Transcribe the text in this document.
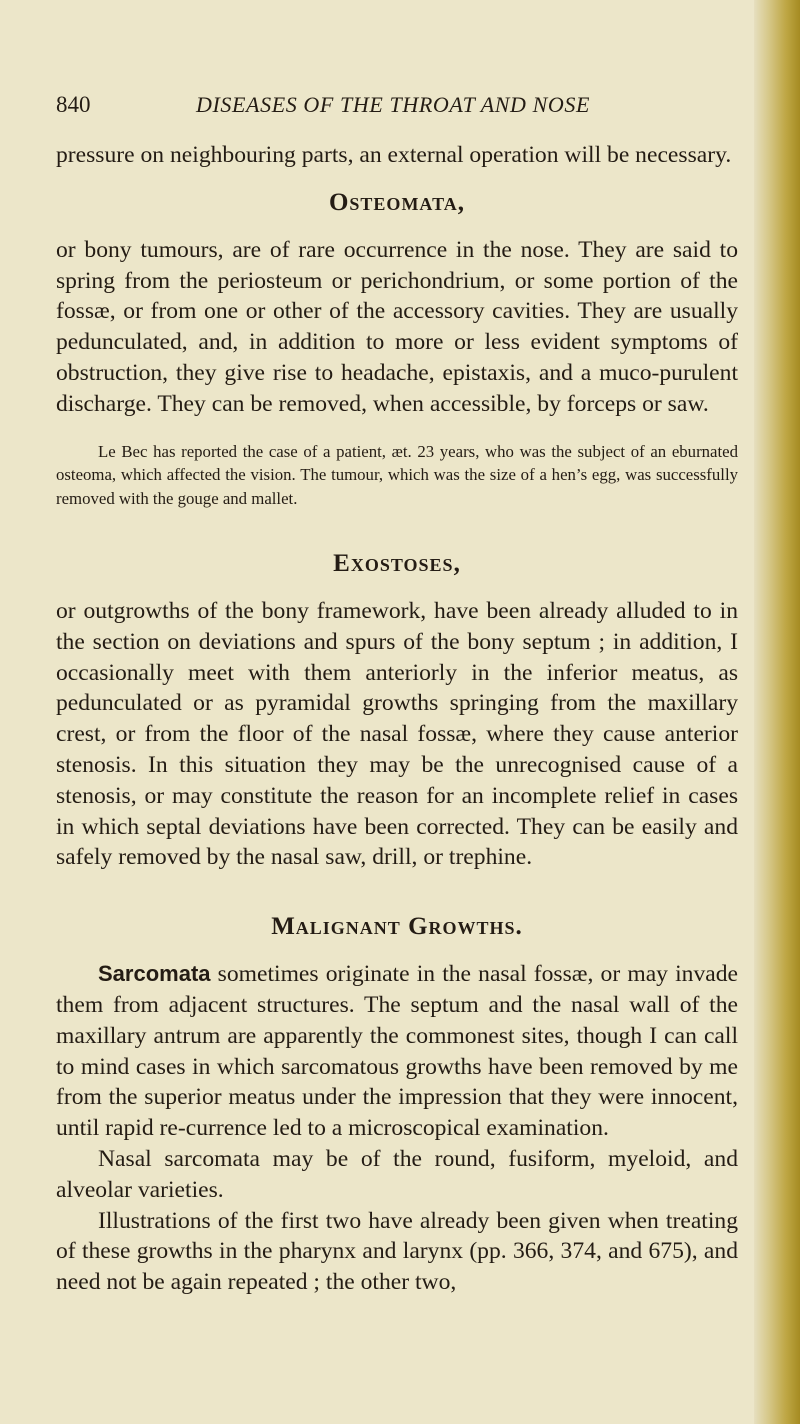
840	DISEASES OF THE THROAT AND NOSE

pressure on neighbouring parts, an external operation will be necessary.

Osteomata,

or bony tumours, are of rare occurrence in the nose. They are said to spring from the periosteum or perichondrium, or some portion of the fossæ, or from one or other of the accessory cavities. They are usually pedunculated, and, in addition to more or less evident symptoms of obstruction, they give rise to headache, epistaxis, and a muco-purulent discharge. They can be removed, when accessible, by forceps or saw.

Le Bec has reported the case of a patient, æt. 23 years, who was the subject of an eburnated osteoma, which affected the vision. The tumour, which was the size of a hen’s egg, was successfully removed with the gouge and mallet.

Exostoses,

or outgrowths of the bony framework, have been already alluded to in the section on deviations and spurs of the bony septum ; in addition, I occasionally meet with them anteriorly in the inferior meatus, as pedunculated or as pyramidal growths springing from the maxillary crest, or from the floor of the nasal fossæ, where they cause anterior stenosis. In this situation they may be the unrecognised cause of a stenosis, or may constitute the reason for an incomplete relief in cases in which septal deviations have been corrected. They can be easily and safely removed by the nasal saw, drill, or trephine.

Malignant Growths.

Sarcomata sometimes originate in the nasal fossæ, or may invade them from adjacent structures. The septum and the nasal wall of the maxillary antrum are apparently the commonest sites, though I can call to mind cases in which sarcomatous growths have been removed by me from the superior meatus under the impression that they were innocent, until rapid re-currence led to a microscopical examination.

Nasal sarcomata may be of the round, fusiform, myeloid, and alveolar varieties.

Illustrations of the first two have already been given when treating of these growths in the pharynx and larynx (pp. 366, 374, and 675), and need not be again repeated ; the other two,
